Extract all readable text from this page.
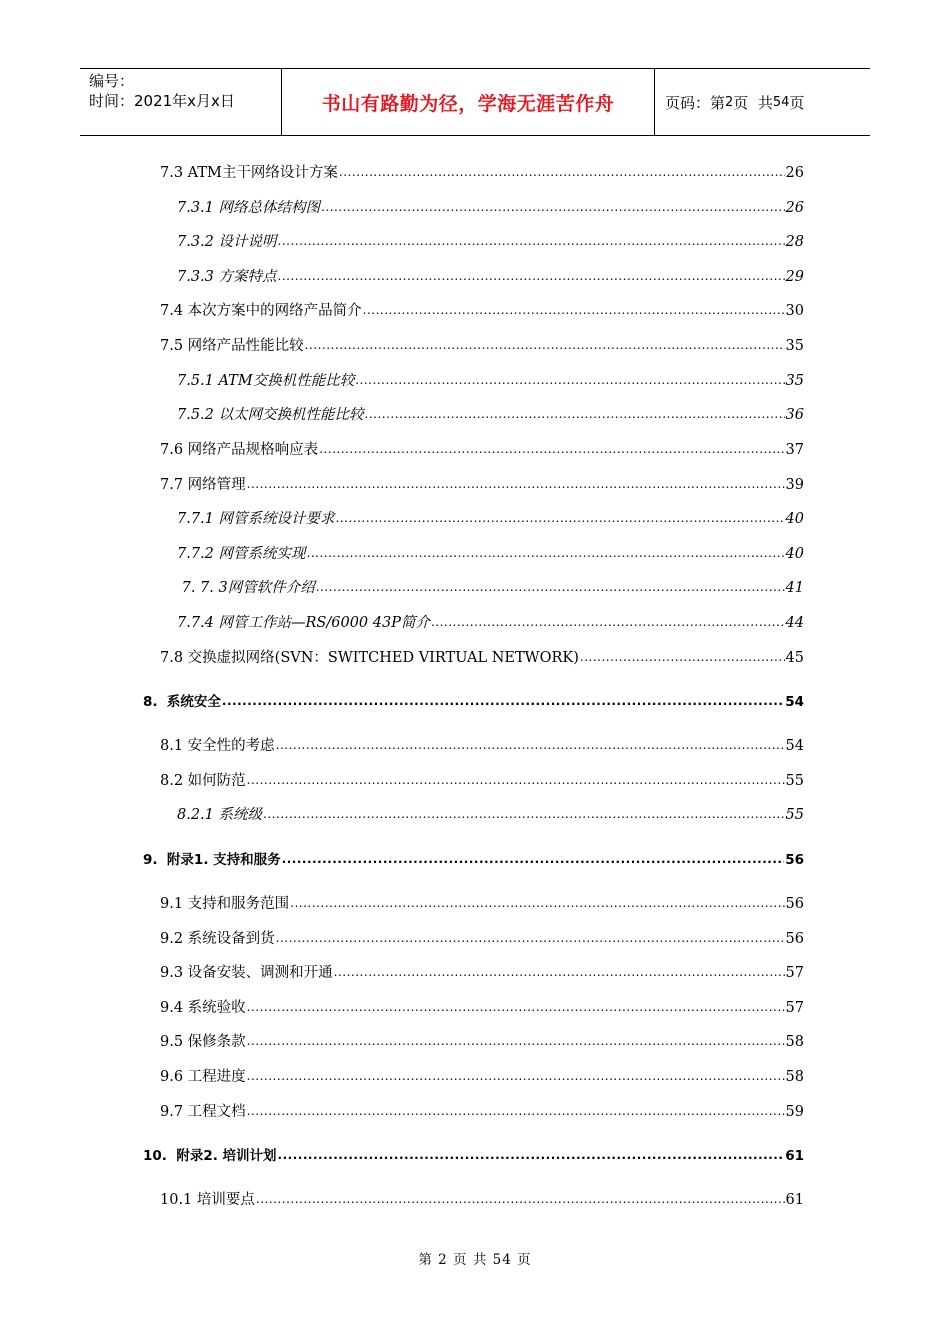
编号：
时间：2021年x月x日	书山有路勤为径，学海无涯苦作舟	页码：第 2 页  共 54 页
7.3 ATM主干网络设计方案 .....	26
7.3.1 网络总体结构图 .....	26
7.3.2 设计说明 .....	28
7.3.3 方案特点 .....	29
7.4 本次方案中的网络产品简介 .....	30
7.5 网络产品性能比较 .....	35
7.5.1 ATM交换机性能比较 .....	35
7.5.2 以太网交换机性能比较 .....	36
7.6 网络产品规格响应表 .....	37
7.7 网络管理 .....	39
7.7.1 网管系统设计要求 .....	40
7.7.2 网管系统实现 .....	40
7. 7. 3网管软件介绍 .....	41
7.7.4 网管工作站—RS/6000 43P简介 .....	44
7.8 交换虚拟网络(SVN：SWITCHED VIRTUAL NETWORK) .....	45
8.  系统安全 .....	54
8.1 安全性的考虑 .....	54
8.2 如何防范 .....	55
8.2.1 系统级 .....	55
9.  附录1. 支持和服务 .....	56
9.1 支持和服务范围 .....	56
9.2 系统设备到货 .....	56
9.3 设备安装、调测和开通 .....	57
9.4 系统验收 .....	57
9.5 保修条款 .....	58
9.6 工程进度 .....	58
9.7 工程文档 .....	59
10.  附录2. 培训计划 .....	61
10.1 培训要点 .....	61
第 2 页 共 54 页
